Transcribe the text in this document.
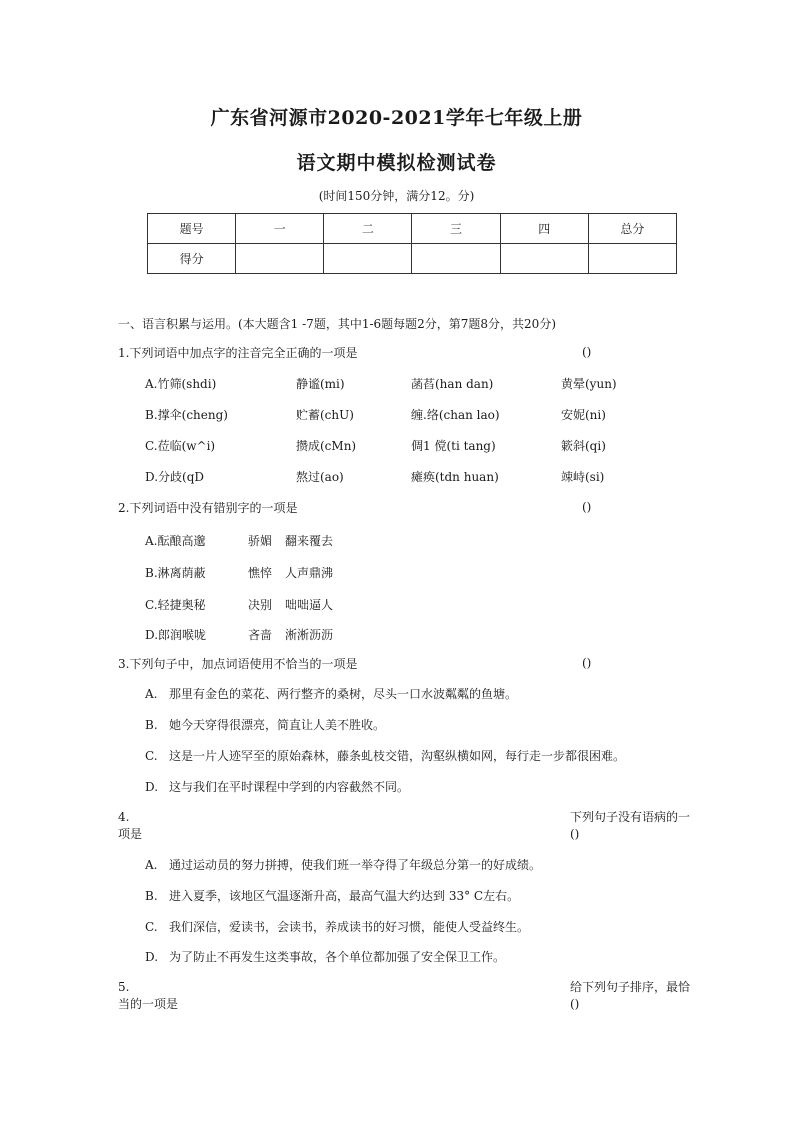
广东省河源市2020-2021学年七年级上册
语文期中模拟检测试卷
(时间150分钟，满分12。分)
题号	一	二	三	四	总分
得分					
一、语言积累与运用。(本大题含1 -7题，其中1-6题每题2分，第7题8分，共20分)
1.下列词语中加点字的注音完全正确的一项是	()
A.竹筛(shdi)	静谧(mi)	菡萏(han dan)	黄晕(yun)
B.撑伞(cheng)	贮蓄(chU)	缠.络(chan lao)	安妮(ni)
C.莅临(w^i)	攒成(cMn)	倜1 傥(ti tang)	簌斜(qi)
D.分歧(qD	熬过(ao)	瘫痪(tdn huan)	竦峙(si)
2.下列词语中没有错别字的一项是	()
A.酝酿高邈	骄媚 翻来覆去
B.淋离荫蔽	憔悴 人声鼎沸
C.轻捷奥秘	决别 咄咄逼人
D.郎润喉咙	吝啬 淅淅沥沥
3.下列句子中，加点词语使用不恰当的一项是	()
A. 那里有金色的菜花、两行整齐的桑树，尽头一口水波粼粼的鱼塘。
B. 她今天穿得很漂亮，简直让人美不胜收。
C. 这是一片人迹罕至的原始森林，藤条虬枝交错，沟壑纵横如网，每行走一步都很困难。
D. 这与我们在平时课程中学到的内容截然不同。
4.	下列句子没有语病的一
项是	()
A. 通过运动员的努力拼搏，使我们班一举夺得了年级总分第一的好成绩。
B. 进入夏季，该地区气温逐渐升高，最高气温大约达到 33° C左右。
C. 我们深信，爱读书，会读书，养成读书的好习惯，能使人受益终生。
D. 为了防止不再发生这类事故，各个单位都加强了安全保卫工作。
5.	给下列句子排序，最恰
当的一项是	()
